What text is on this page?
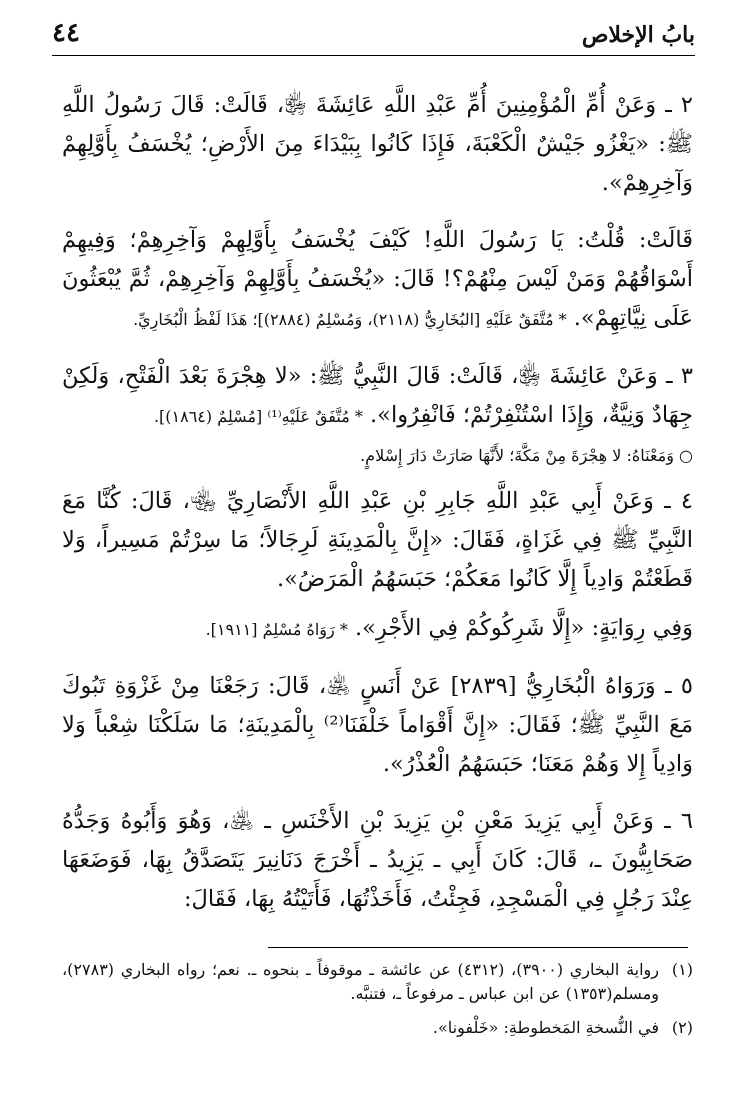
بابُ الإخلاص
٤٤

٢ ـ وَعَنْ أُمِّ الْمُؤْمِنِينَ أُمِّ عَبْدِ اللَّهِ عَائِشَةَ ﵂، قَالَتْ: قَالَ رَسُولُ اللَّهِ ﷺ: «يَغْزُو جَيْشٌ الْكَعْبَةَ، فَإِذَا كَانُوا بِبَيْدَاءَ مِنَ الأَرْضِ؛ يُخْسَفُ بِأَوَّلِهِمْ وَآخِرِهِمْ».

قَالَتْ: قُلْتُ: يَا رَسُولَ اللَّهِ! كَيْفَ يُخْسَفُ بِأَوَّلِهِمْ وَآخِرِهِمْ؛ وَفِيهِمْ أَسْوَاقُهُمْ وَمَنْ لَيْسَ مِنْهُمْ؟! قَالَ: «يُخْسَفُ بِأَوَّلِهِمْ وَآخِرِهِمْ، ثُمَّ يُبْعَثُونَ عَلَى نِيَّاتِهِمْ». * مُتَّفَقٌ عَلَيْهِ [البُخَارِيُّ (٢١١٨)، وَمُسْلِمٌ (٢٨٨٤)]؛ هَذَا لَفْظُ الْبُخَارِيِّ.

٣ ـ وَعَنْ عَائِشَةَ ﵂، قَالَتْ: قَالَ النَّبِيُّ ﷺ: «لا هِجْرَةَ بَعْدَ الْفَتْحِ، وَلَكِنْ جِهَادٌ وَنِيَّةٌ، وَإِذَا اسْتُنْفِرْتُمْ؛ فَانْفِرُوا». * مُتَّفَقٌ عَلَيْهِ⁽¹⁾ [مُسْلِمٌ (١٨٦٤)].

○ وَمَعْنَاهُ: لا هِجْرَةَ مِنْ مَكَّةَ؛ لأَنَّهَا صَارَتْ دَارَ إِسْلامٍ.

٤ ـ وَعَنْ أَبِي عَبْدِ اللَّهِ جَابِرِ بْنِ عَبْدِ اللَّهِ الأَنْصَارِيِّ ﵄، قَالَ: كُنَّا مَعَ النَّبِيِّ ﷺ فِي غَزَاةٍ، فَقَالَ: «إِنَّ بِالْمَدِينَةِ لَرِجَالاً؛ مَا سِرْتُمْ مَسِيراً، وَلا قَطَعْتُمْ وَادِياً إِلَّا كَانُوا مَعَكُمْ؛ حَبَسَهُمُ الْمَرَضُ».

وَفِي رِوَايَةٍ: «إِلَّا شَرِكُوكُمْ فِي الأَجْرِ». * رَوَاهُ مُسْلِمٌ [١٩١١].

٥ ـ وَرَوَاهُ الْبُخَارِيُّ [٢٨٣٩] عَنْ أَنَسٍ ﵁، قَالَ: رَجَعْنَا مِنْ غَزْوَةِ تَبُوكَ مَعَ النَّبِيِّ ﷺ؛ فَقَالَ: «إِنَّ أَقْوَاماً خَلْفَنَا⁽²⁾ بِالْمَدِينَةِ؛ مَا سَلَكْنَا شِعْباً وَلا وَادِياً إِلا وَهُمْ مَعَنَا؛ حَبَسَهُمُ الْعُذْرُ».

٦ ـ وَعَنْ أَبِي يَزِيدَ مَعْنِ بْنِ يَزِيدَ بْنِ الأَخْنَسِ ـ ﵁، وَهُوَ وَأَبُوهُ وَجَدُّهُ صَحَابِيُّونَ ـ، قَالَ: كَانَ أَبِي ـ يَزِيدُ ـ أَخْرَجَ دَنَانِيرَ يَتَصَدَّقُ بِهَا، فَوَضَعَهَا عِنْدَ رَجُلٍ فِي الْمَسْجِدِ، فَجِئْتُ، فَأَخَذْتُهَا، فَأَتَيْتُهُ بِهَا، فَقَالَ:

(١)
رواية البخاري (٣٩٠٠)، (٤٣١٢) عن عائشة ـ موقوفاً ـ بنحوه ـ. نعم؛ رواه البخاري (٢٧٨٣)، ومسلم(١٣٥٣) عن ابن عباس ـ مرفوعاً ـ، فتنبَّه.
(٢)
في النُّسخةِ المَخطوطةِ: «خَلْفونا».
